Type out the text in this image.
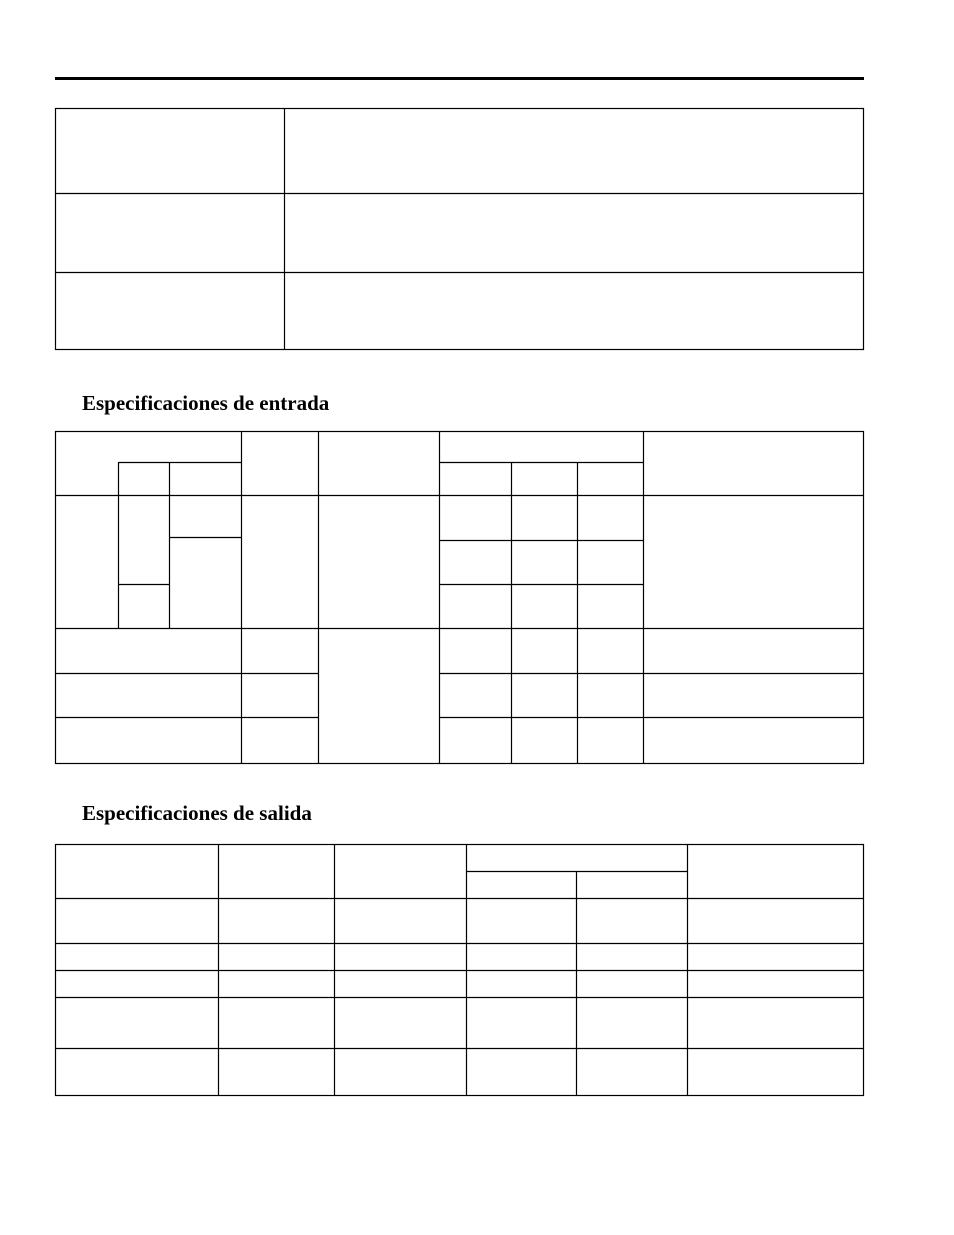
Especificaciones de entrada
Especificaciones de salida
